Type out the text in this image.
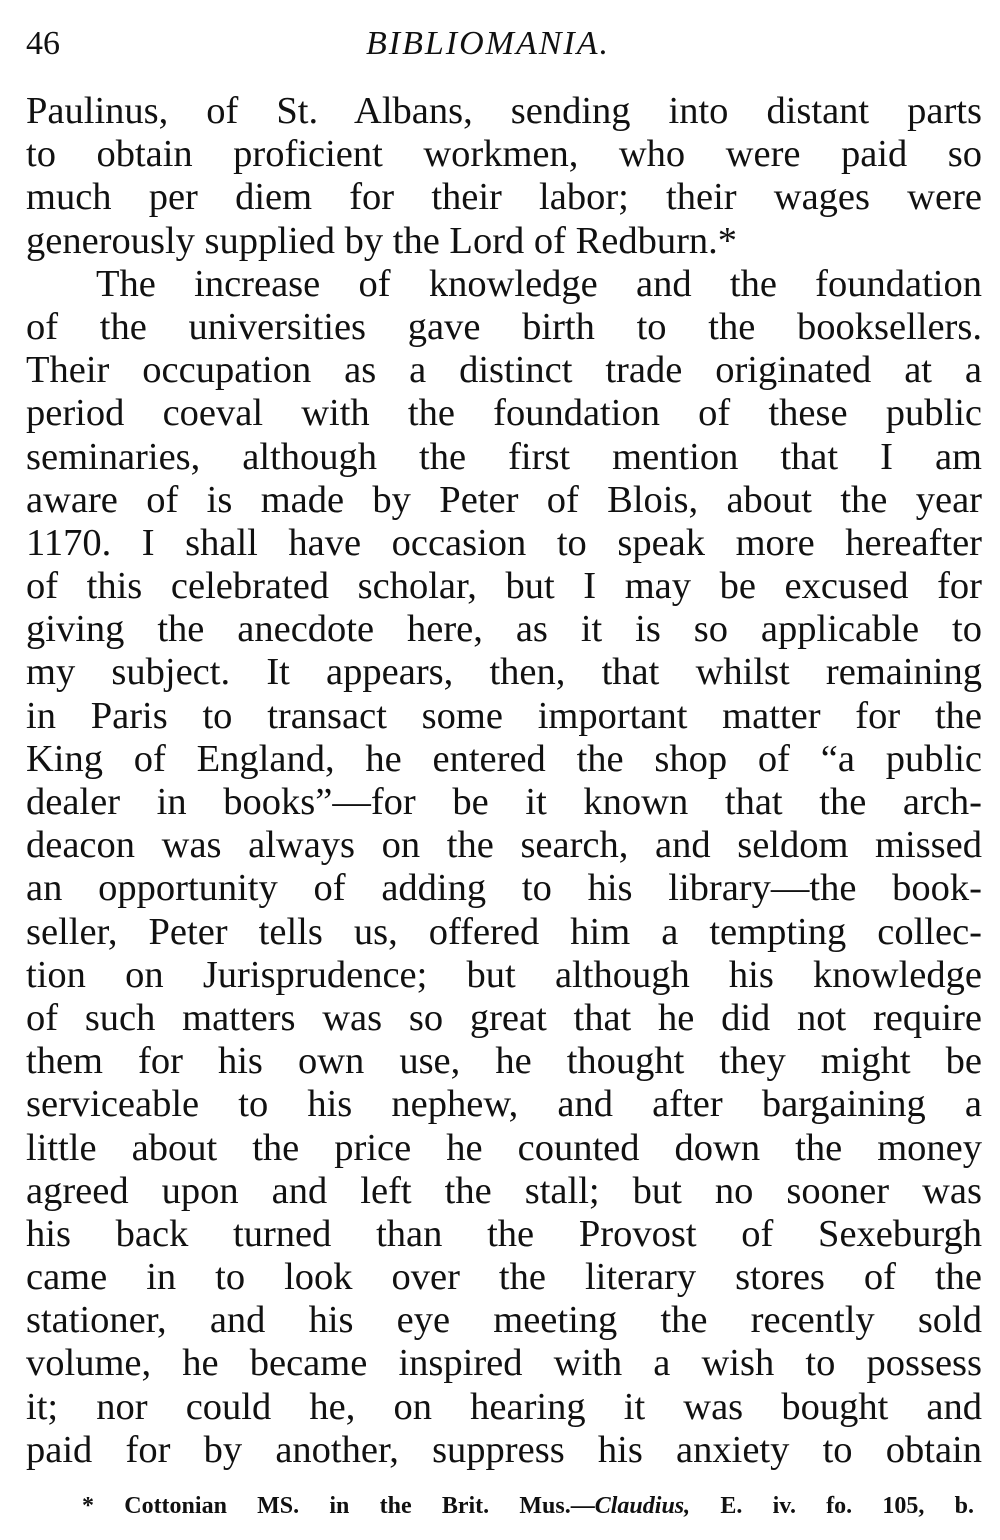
46	BIBLIOMANIA.
Paulinus, of St. Albans, sending into distant parts
to obtain proficient workmen, who were paid so
much per diem for their labor; their wages were
generously supplied by the Lord of Redburn.*
The increase of knowledge and the foundation
of the universities gave birth to the booksellers.
Their occupation as a distinct trade originated at a
period coeval with the foundation of these public
seminaries, although the first mention that I am
aware of is made by Peter of Blois, about the year
1170. I shall have occasion to speak more hereafter
of this celebrated scholar, but I may be excused for
giving the anecdote here, as it is so applicable to
my subject. It appears, then, that whilst remaining
in Paris to transact some important matter for the
King of England, he entered the shop of “a public
dealer in books”—for be it known that the arch-
deacon was always on the search, and seldom missed
an opportunity of adding to his library—the book-
seller, Peter tells us, offered him a tempting collec-
tion on Jurisprudence; but although his knowledge
of such matters was so great that he did not require
them for his own use, he thought they might be
serviceable to his nephew, and after bargaining a
little about the price he counted down the money
agreed upon and left the stall; but no sooner was
his back turned than the Provost of Sexeburgh
came in to look over the literary stores of the
stationer, and his eye meeting the recently sold
volume, he became inspired with a wish to possess
it; nor could he, on hearing it was bought and
paid for by another, suppress his anxiety to obtain
* Cottonian MS. in the Brit. Mus.—Claudius, E. iv. fo. 105, b.
